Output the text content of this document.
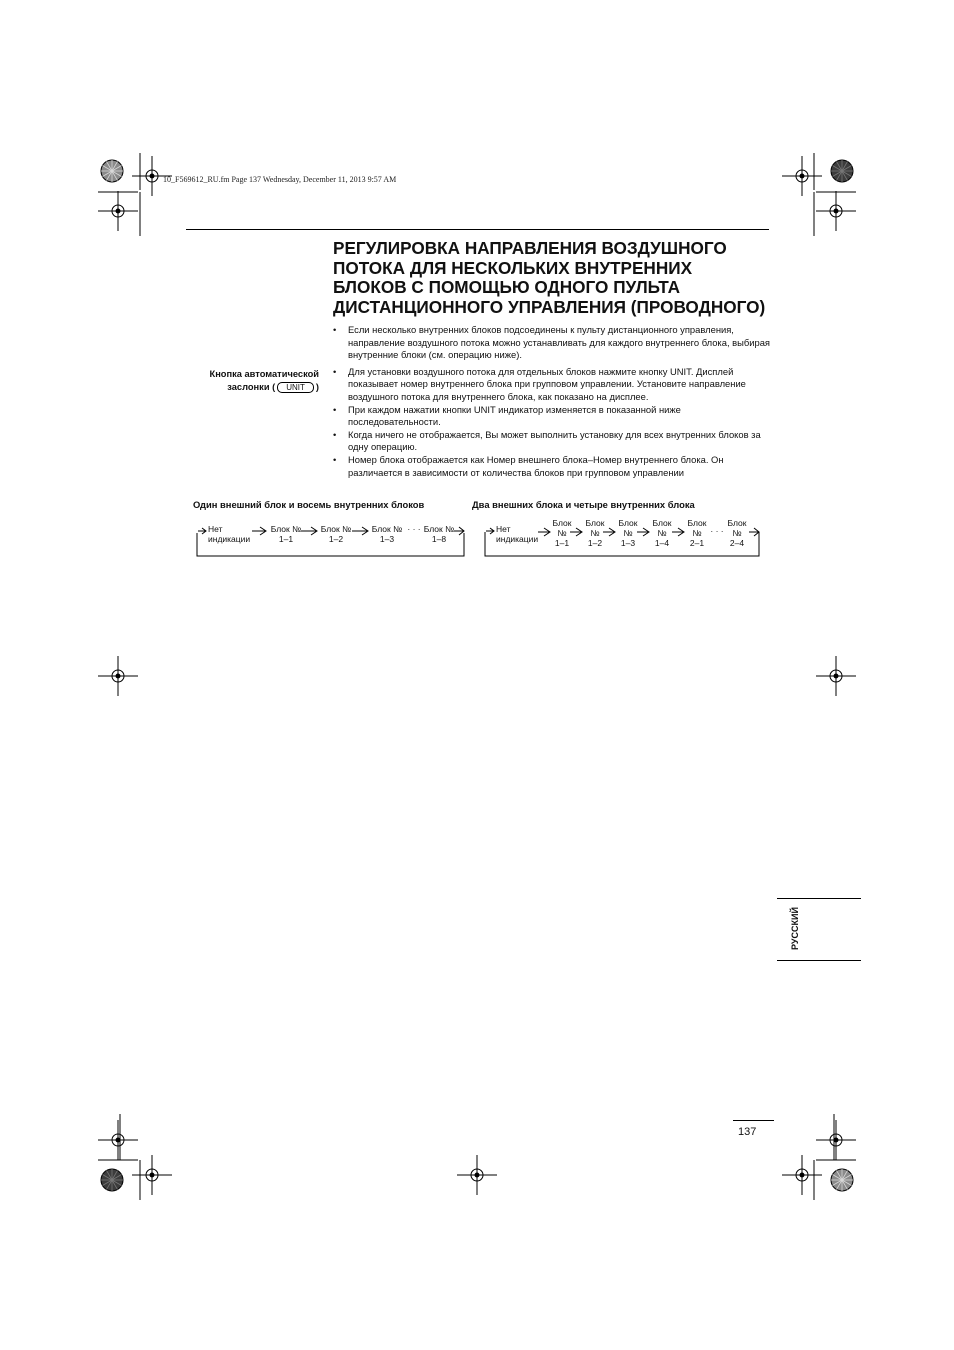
10_F569612_RU.fm Page 137 Wednesday, December 11, 2013 9:57 AM
РЕГУЛИРОВКА НАПРАВЛЕНИЯ ВОЗДУШНОГО
ПОТОКА ДЛЯ НЕСКОЛЬКИХ ВНУТРЕННИХ
БЛОКОВ С ПОМОЩЬЮ ОДНОГО ПУЛЬТА
ДИСТАНЦИОННОГО УПРАВЛЕНИЯ (ПРОВОДНОГО)
Кнопка автоматической
заслонки ( UNIT )
• Если несколько внутренних блоков подсоединены к пульту дистанционного управления, направление воздушного потока можно устанавливать для каждого внутреннего блока, выбирая внутренние блоки (см. операцию ниже).
• Для установки воздушного потока для отдельных блоков нажмите кнопку UNIT. Дисплей показывает номер внутреннего блока при групповом управлении. Установите направление воздушного потока для внутреннего блока, как показано на дисплее.
• При каждом нажатии кнопки UNIT индикатор изменяется в показанной ниже последовательности.
• Когда ничего не отображается, Вы может выполнить установку для всех внутренних блоков за одну операцию.
• Номер блока отображается как Номер внешнего блока–Номер внутреннего блока. Он различается в зависимости от количества блоков при групповом управлении
Один внешний блок и восемь внутренних блоков
Нет
индикации
Блок №
1–1
Блок №
1–2
Блок №
1–3
· · · Блок №
1–8
Два внешних блока и четыре внутренних блока
Нет
индикации
Блок
№
1–1
Блок
№
1–2
Блок
№
1–3
Блок
№
1–4
Блок
№
2–1
· · ·
Блок
№
2–4
РУССКИЙ
137
